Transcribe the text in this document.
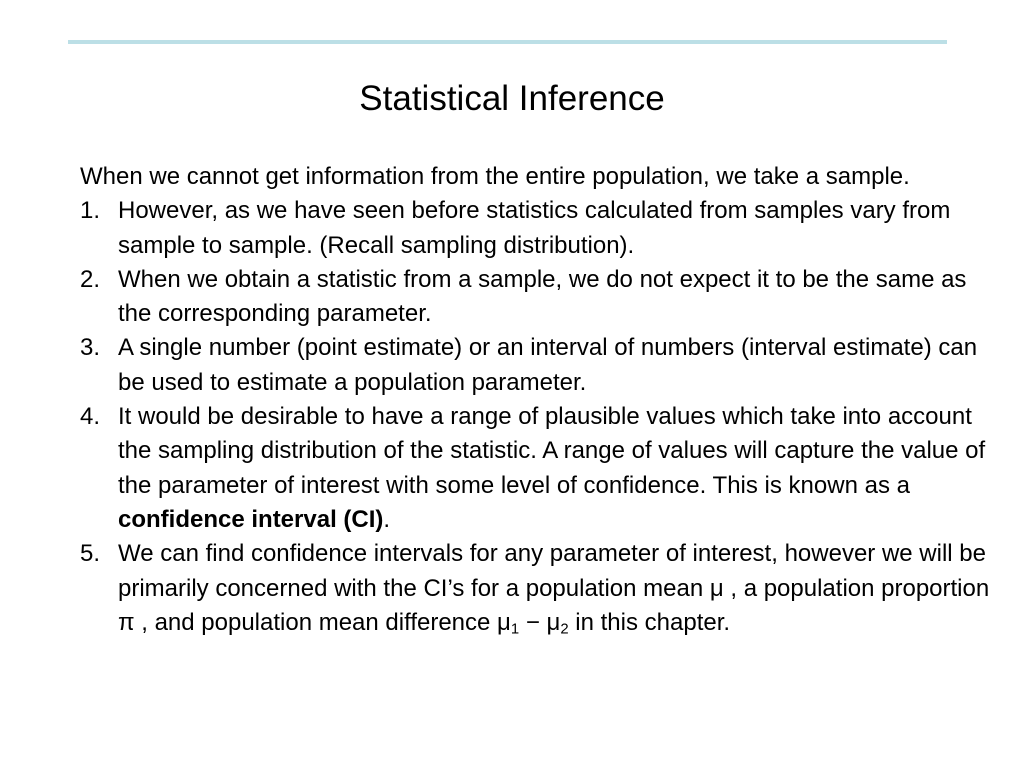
Statistical Inference

When we cannot get information from the entire population, we take a sample.

1. However, as we have seen before statistics calculated from samples vary from sample to sample. (Recall sampling distribution).
2. When we obtain a statistic from a sample, we do not expect it to be the same as the corresponding parameter.
3. A single number (point estimate) or an interval of numbers (interval estimate) can be used to estimate a population parameter.
4. It would be desirable to have a range of plausible values which take into account the sampling distribution of the statistic. A range of values will capture the value of the parameter of interest with some level of confidence. This is known as a confidence interval (CI).
5. We can find confidence intervals for any parameter of interest, however we will be primarily concerned with the CI’s for a population mean μ , a population proportion π , and population mean difference $\mu_1 - \mu_2$ in this chapter.
